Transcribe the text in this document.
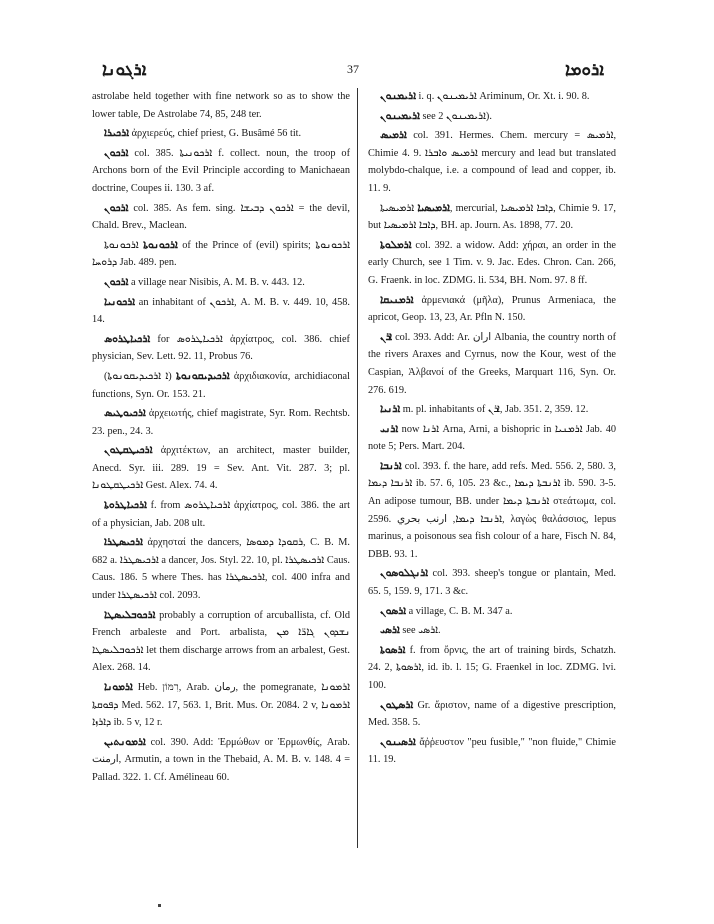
ܐܪܓܘܢܐ	37	ܐܪܘܡܐ

astrolabe held together with fine network so as to show the lower table, De Astrolabe 74, 85, 248 ter.

ܐܪܟܝܪܐ ἀρχιερεύς, chief priest, G. Busâmé 56 tit.

ܐܪܟܘܢ col. 385. ܐܪܟܘܢܝܬܐ f. collect. noun, the troop of Archons born of the Evil Principle according to Manichaean doctrine, Coupes ii. 130. 3 af.

ܐܪܟܘܢ col. 385. As fem. sing. ܐܪܟܘܢ ܕܒܝܫܐ = the devil, Chald. Brev., Maclean.

ܐܪܟܘܢܘܬܐ ܐܪܟܘܢܘܬܐ of the Prince of (evil) spirits; ܐܪܟܘܢܘܬܐ ܕܪܘܚܐ Jab. 489. pen.

ܐܪܟܘܢ a village near Nisibis, A. M. B. v. 443. 12.

ܐܪܟܘܢܝܐ an inhabitant of ܐܪܟܘܢ, A. M. B. v. 449. 10, 458. 14.

ܐܪܟܝܐܛܪܘܣ for ܐܪܟܝܐܛܪܘܣ ἀρχίατρος, col. 386. chief physician, Sev. Lett. 92. 11, Probus 76.

ܐܪܟܝܕܝܩܘܢܘܬܐ (ܐ ܐܪܟܝܕܝܩܘܢܘܬܐ) ἀρχιδιακονία, archidiaconal functions, Syn. Or. 153. 21.

ܐܪܟܝܘܛܝܣ ἀρχειωτής, chief magistrate, Syr. Rom. Rechtsb. 23. pen., 24. 3.

ܐܪܟܝܛܩܛܘܢ ἀρχιτέκτων, an architect, master builder, Anecd. Syr. iii. 289. 19 = Sev. Ant. Vit. 287. 3; pl. ܐܪܟܝܛܩܛܘܢܐ Gest. Alex. 74. 4.

ܐܪܟܝܐܛܪܘܬܐ f. from ܐܪܟܝܐܛܪܘܣ ἀρχίατρος, col. 386. the art of a physician, Jab. 208 ult.

ܐܪܟܝܣܛܪܐ ἀρχησταί the dancers, ܪܩܘܕܐ ܕܡܘܣܐ, C. B. M. 682 a. ܐܪܟܝܣܛܪܐ a dancer, Jos. Styl. 22. 10, pl. ܐܪܟܝܣܛܪܐ Caus. Caus. 186. 5 where Thes. has ܐܪܟܝܣܛܪܐ, col. 400 infra and under ܐܪܟܝܣܛܪܐ col. 2093.

ܐܪܟܘܒܠܝܣܛܐ probably a corruption of arcuballista, cf. Old French arbaleste and Port. arbalista, ܢܫܕܘܢ ܓܐܪ̈ܐ ܡܢ ܐܪܟܘܒܠܝܣܛܐ let them discharge arrows from an arbalest, Gest. Alex. 268. 14.

ܐܪܡܘܢܐ Heb. רִמּוֹן, Arab. رمان, the pomegranate, ܐܪܡܘܢܐ ܕܦܘܩܬܐ Med. 562. 17, 563. 1, Brit. Mus. Or. 2084. 2 v, ܐܪܡܘܢܐ ܕܐܪܙܐ ib. 5 v, 12 r.

ܐܪܡܘܢܬܝܢ col. 390. Add: Ἐρμώθων or Ἑρμωνθίς, Arab. ارمنت, Armutin, a town in the Thebaid, A. M. B. v. 148. 4 = Pallad. 322. 1. Cf. Amélineau 60.

ܐܪܝܡܢܘܢ i. q. ܐܪܝܡܝܢܘܢ Ariminum, Or. Xt. i. 90. 8.

ܐܪܝܡܝܢܘܢ see ܐܪܝܡܝܢܘܢ 2).

ܐܪܡܝܣ col. 391. Hermes. Chem. mercury = ܐܪܡܝܣ, Chimie 4. 9. ܐܪܡܝܣ ܘܐܒܪܐ mercury and lead but translated molybdo-chalque, i.e. a compound of lead and copper, ib. 11. 9.

ܐܪܡܝܣܝܐ ܐܪܡܝܣܝܬܐ, mercurial, ܕܐܒܐ ܐܪܡܝܣܝܐ, Chimie 9. 17, but ܕܐܒܐ ܐܪܡܝܣܝܐ, BH. ap. Journ. As. 1898, 77. 20.

ܐܪܡܠܘܬܐ col. 392. a widow. Add: χήραι, an order in the early Church, see 1 Tim. v. 9. Jac. Edes. Chron. Can. 266, G. Fraenk. in loc. ZDMG. li. 534, BH. Nom. 97. 8 ff.

ܐܪܡܢܝܩܐ ἀρμενιακά (μῆλα), Prunus Armeniaca, the apricot, Geop. 13, 23, Ar. Pfln N. 150.

ܐܪܢ col. 393. Add: Ar. اران Albania, the country north of the rivers Araxes and Cyrnus, now the Kour, west of the Caspian, Ἀλβανοί of the Greeks, Marquart 116, Syn. Or. 276. 619.

ܐܪܢܝܐ m. pl. inhabitants of ܐܪܢ, Jab. 351. 2, 359. 12.

ܐܪܢܝ now ܐܪܢܐ Arna, Arni, a bishopric in ܐܪܡܢܝܐ Jab. 40 note 5; Pers. Mart. 204.

ܐܪܢܒܐ col. 393. f. the hare, add refs. Med. 556. 2, 580. 3, ܐܪܢܒܐ ܕܝܡܐ ib. 57. 6, 105. 23 &c., ܐܪܢܒܬܐ ܕܝܡܐ ib. 590. 3-5. An adipose tumour, BB. under ܐܪܢܒܬܐ ܕܝܡܐ στεάτωμα, col. 2596. ܐܪܢܒܐ ܕܝܡܐ, ارنب بحري, λαγὼς θαλάσσιος, lepus marinus, a poisonous sea fish colour of a hare, Fisch N. 84, DBB. 93. 1.

ܐܪܢܓܠܘܣܘܢ col. 393. sheep's tongue or plantain, Med. 65. 5, 159. 9, 171. 3 &c.

ܐܪܣܘܢ a village, C. B. M. 347 a.

ܐܪܣܝ see ܐܪܣܝ.

ܐܪܣܘܬܐ f. from ὄρνις, the art of training birds, Schatzh. 24. 2, ܐܪܣܘܬܐ, id. ib. l. 15; G. Fraenkel in loc. ZDMG. lvi. 100.

ܐܪܣܛܘܢ Gr. ἄριστον, name of a digestive prescription, Med. 358. 5.

ܐܪܣܝܢܘܢ ἄῤῥευστον "peu fusible," "non fluide," Chimie 11. 19.
